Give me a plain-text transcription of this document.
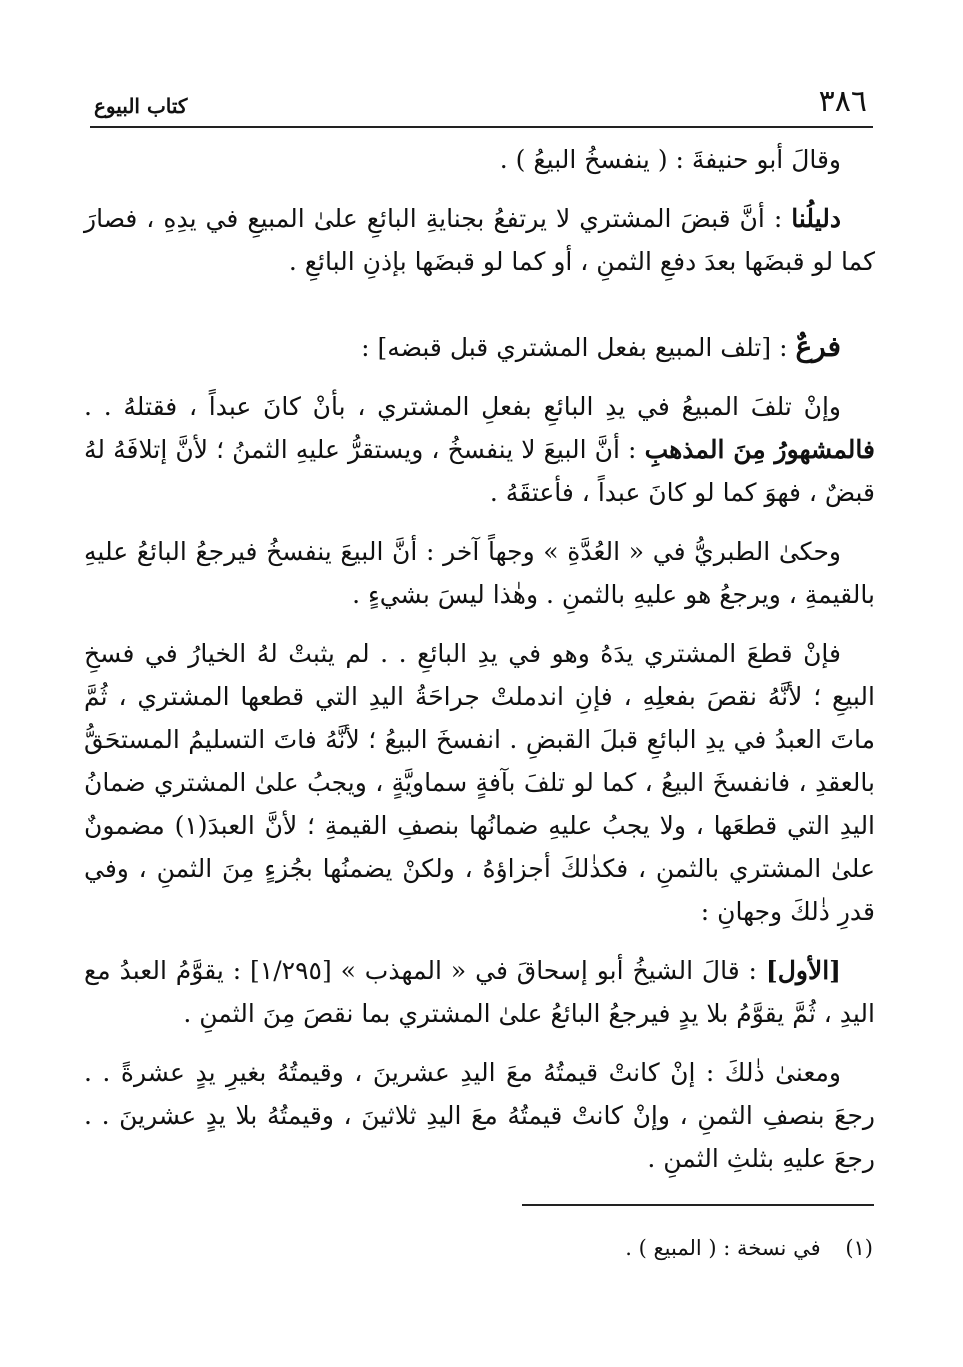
٣٨٦
كتاب البيوع

وقالَ أبو حنيفةَ : ( ينفسخُ البيعُ ) .

دليلُنا : أنَّ قبضَ المشتري لا يرتفعُ بجنايةِ البائعِ علىٰ المبيعِ في يدِهِ ، فصارَ كما لو قبضَها بعدَ دفعِ الثمنِ ، أو كما لو قبضَها بإذنِ البائعِ .

فرعٌ : [تلف المبيع بفعل المشتري قبل قبضه] :

وإنْ تلفَ المبيعُ في يدِ البائعِ بفعلِ المشتري ، بأنْ كانَ عبداً ، فقتلهُ . . فالمشهورُ مِنَ المذهبِ : أنَّ البيعَ لا ينفسخُ ، ويستقرُّ عليهِ الثمنُ ؛ لأنَّ إتلافَهُ لهُ قبضٌ ، فهوَ كما لو كانَ عبداً ، فأعتقَهُ .

وحكىٰ الطبريُّ في « العُدَّةِ » وجهاً آخر : أنَّ البيعَ ينفسخُ فيرجعُ البائعُ عليهِ بالقيمةِ ، ويرجعُ هو عليهِ بالثمنِ . وهٰذا ليسَ بشيءٍ .

فإنْ قطعَ المشتري يدَهُ وهو في يدِ البائعِ . . لم يثبتْ لهُ الخيارُ في فسخِ البيعِ ؛ لأنَّهُ نقصَ بفعلِهِ ، فإنِ اندملتْ جراحَةُ اليدِ التي قطعها المشتري ، ثُمَّ ماتَ العبدُ في يدِ البائعِ قبلَ القبضِ . انفسخَ البيعُ ؛ لأنَّهُ فاتَ التسليمُ المستحَقُّ بالعقدِ ، فانفسخَ البيعُ ، كما لو تلفَ بآفةٍ سماويَّةٍ ، ويجبُ علىٰ المشتري ضمانُ اليدِ التي قطعَها ، ولا يجبُ عليهِ ضمانُها بنصفِ القيمةِ ؛ لأنَّ العبدَ(١) مضمونٌ علىٰ المشتري بالثمنِ ، فكذٰلكَ أجزاؤهُ ، ولكنْ يضمنُها بجُزءٍ مِنَ الثمنِ ، وفي قدرِ ذٰلكَ وجهانِ :

[الأول] : قالَ الشيخُ أبو إسحاقَ في « المهذب » [١/٢٩٥] : يقوَّمُ العبدُ مع اليدِ ، ثُمَّ يقوَّمُ بلا يدٍ فيرجعُ البائعُ علىٰ المشتري بما نقصَ مِنَ الثمنِ .

ومعنىٰ ذٰلكَ : إنْ كانتْ قيمتُهُ معَ اليدِ عشرينَ ، وقيمتُهُ بغيرِ يدٍ عشرةً . . رجعَ بنصفِ الثمنِ ، وإنْ كانتْ قيمتُهُ معَ اليدِ ثلاثينَ ، وقيمتُهُ بلا يدٍ عشرينَ . . رجعَ عليهِ بثلثِ الثمنِ .

(١) في نسخة : ( المبيع ) .
